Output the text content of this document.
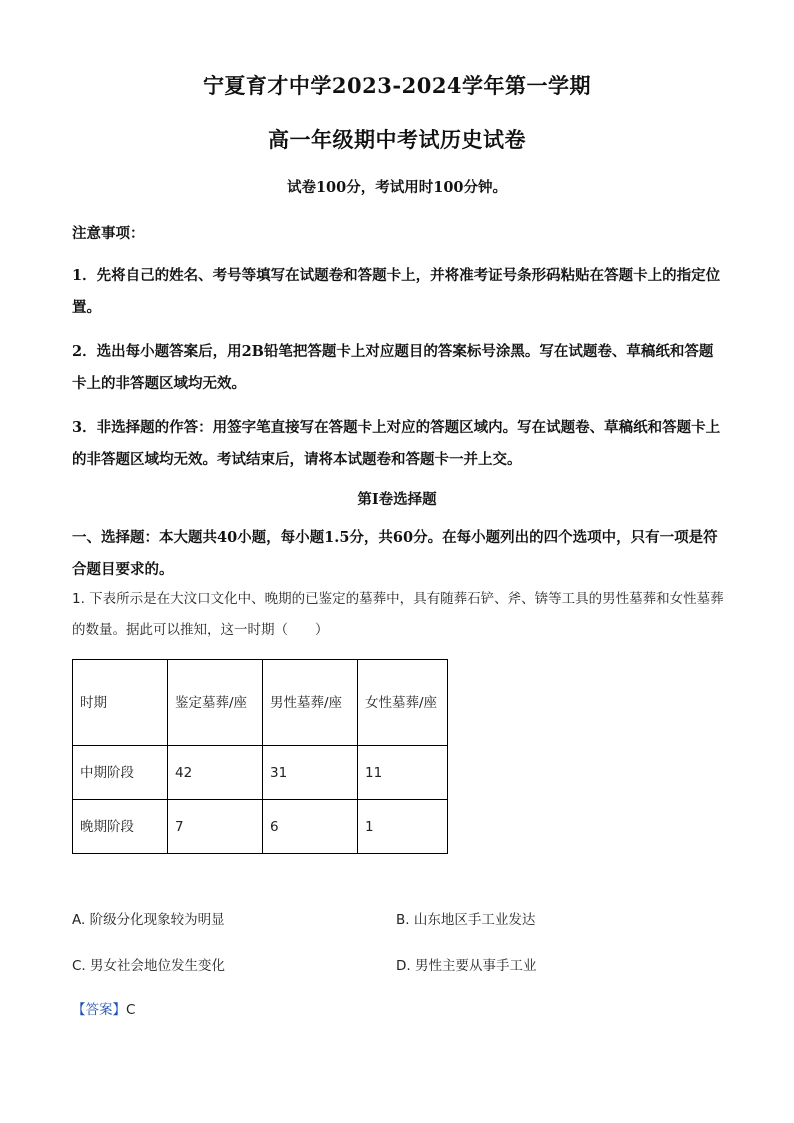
宁夏育才中学2023-2024学年第一学期
高一年级期中考试历史试卷
试卷100分，考试用时100分钟。
注意事项：
1．先将自己的姓名、考号等填写在试题卷和答题卡上，并将准考证号条形码粘贴在答题卡上的指定位置。
2．选出每小题答案后，用2B铅笔把答题卡上对应题目的答案标号涂黑。写在试题卷、草稿纸和答题卡上的非答题区域均无效。
3．非选择题的作答：用签字笔直接写在答题卡上对应的答题区域内。写在试题卷、草稿纸和答题卡上的非答题区域均无效。考试结束后，请将本试题卷和答题卡一并上交。
第Ⅰ卷选择题
一、选择题：本大题共40小题，每小题1.5分，共60分。在每小题列出的四个选项中，只有一项是符合题目要求的。
1. 下表所示是在大汶口文化中、晚期的已鉴定的墓葬中，具有随葬石铲、斧、锛等工具的男性墓葬和女性墓葬的数量。据此可以推知，这一时期（　　）
时期	鉴定墓葬/座	男性墓葬/座	女性墓葬/座
中期阶段	42	31	11
晚期阶段	7	6	1
A. 阶级分化现象较为明显	B. 山东地区手工业发达
C. 男女社会地位发生变化	D. 男性主要从事手工业
【答案】C
